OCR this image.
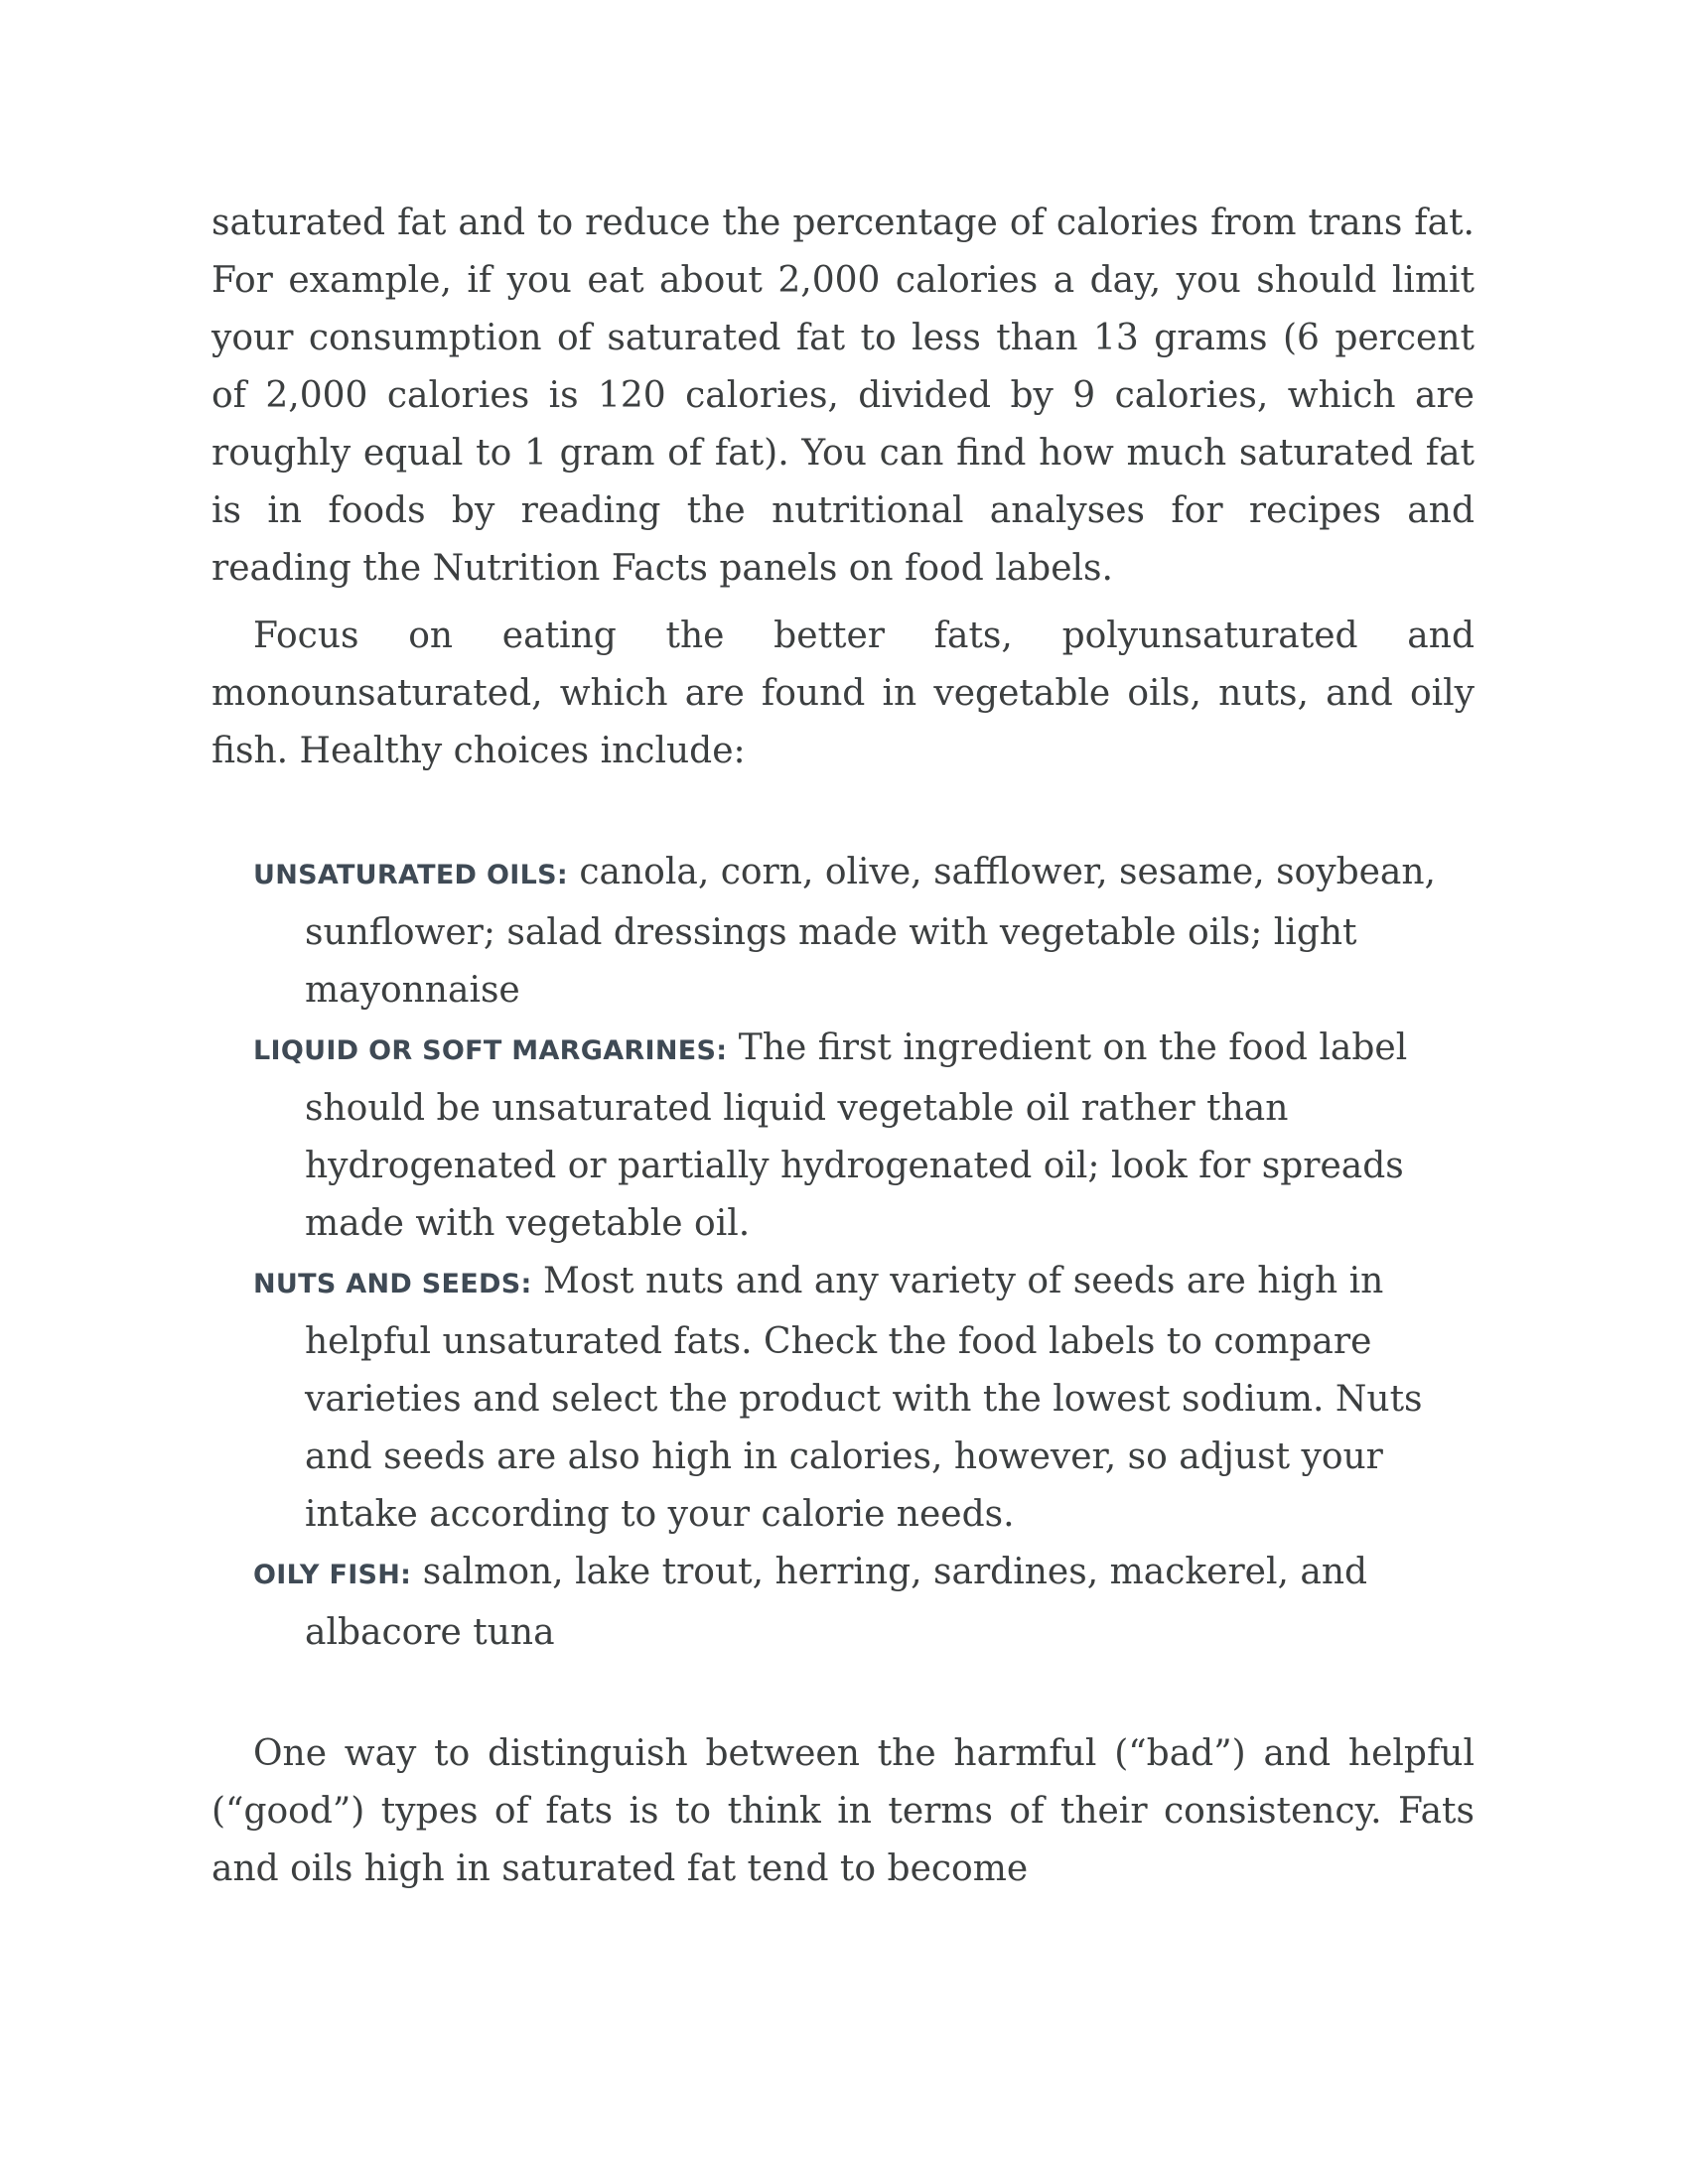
saturated fat and to reduce the percentage of calories from trans fat. For example, if you eat about 2,000 calories a day, you should limit your consumption of saturated fat to less than 13 grams (6 percent of 2,000 calories is 120 calories, divided by 9 calories, which are roughly equal to 1 gram of fat). You can find how much saturated fat is in foods by reading the nutritional analyses for recipes and reading the Nutrition Facts panels on food labels.

Focus on eating the better fats, polyunsaturated and monounsaturated, which are found in vegetable oils, nuts, and oily fish. Healthy choices include:

UNSATURATED OILS: canola, corn, olive, safflower, sesame, soybean, sunflower; salad dressings made with vegetable oils; light mayonnaise
LIQUID OR SOFT MARGARINES: The first ingredient on the food label should be unsaturated liquid vegetable oil rather than hydrogenated or partially hydrogenated oil; look for spreads made with vegetable oil.
NUTS AND SEEDS: Most nuts and any variety of seeds are high in helpful unsaturated fats. Check the food labels to compare varieties and select the product with the lowest sodium. Nuts and seeds are also high in calories, however, so adjust your intake according to your calorie needs.
OILY FISH: salmon, lake trout, herring, sardines, mackerel, and albacore tuna

One way to distinguish between the harmful (“bad”) and helpful (“good”) types of fats is to think in terms of their consistency. Fats and oils high in saturated fat tend to become
